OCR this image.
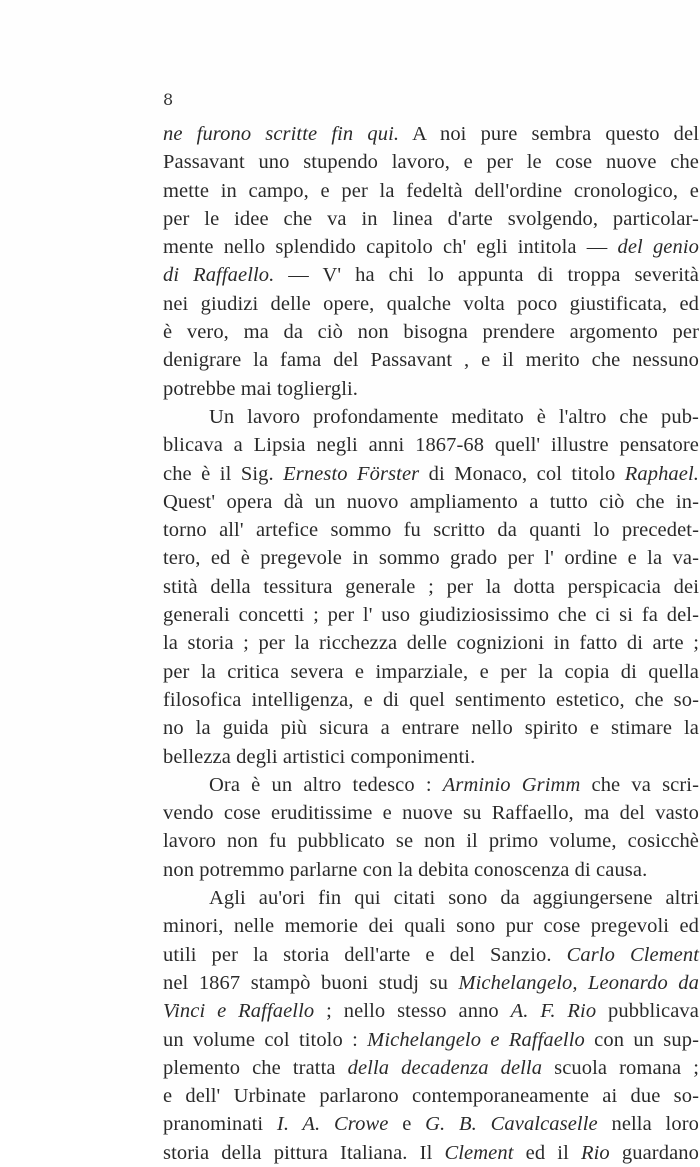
8
ne furono scritte fin qui. A noi pure sembra questo del
Passavant uno stupendo lavoro, e per le cose nuove che
mette in campo, e per la fedeltà dell'ordine cronologico, e
per le idee che va in linea d'arte svolgendo, particolar-
mente nello splendido capitolo ch' egli intitola — del genio
di Raffaello. — V' ha chi lo appunta di troppa severità
nei giudizi delle opere, qualche volta poco giustificata, ed
è vero, ma da ciò non bisogna prendere argomento per
denigrare la fama del Passavant , e il merito che nessuno
potrebbe mai togliergli.
Un lavoro profondamente meditato è l'altro che pub-
blicava a Lipsia negli anni 1867-68 quell' illustre pensatore
che è il Sig. Ernesto Förster di Monaco, col titolo Raphael.
Quest' opera dà un nuovo ampliamento a tutto ciò che in-
torno all' artefice sommo fu scritto da quanti lo precedet-
tero, ed è pregevole in sommo grado per l' ordine e la va-
stità della tessitura generale ; per la dotta perspicacia dei
generali concetti ; per l' uso giudiziosissimo che ci si fa del-
la storia ; per la ricchezza delle cognizioni in fatto di arte ;
per la critica severa e imparziale, e per la copia di quella
filosofica intelligenza, e di quel sentimento estetico, che so-
no la guida più sicura a entrare nello spirito e stimare la
bellezza degli artistici componimenti.
Ora è un altro tedesco : Arminio Grimm che va scri-
vendo cose eruditissime e nuove su Raffaello, ma del vasto
lavoro non fu pubblicato se non il primo volume, cosicchè
non potremmo parlarne con la debita conoscenza di causa.
Agli au'ori fin qui citati sono da aggiungersene altri
minori, nelle memorie dei quali sono pur cose pregevoli ed
utili per la storia dell'arte e del Sanzio. Carlo Clement
nel 1867 stampò buoni studj su Michelangelo, Leonardo da
Vinci e Raffaello ; nello stesso anno A. F. Rio pubblicava
un volume col titolo : Michelangelo e Raffaello con un sup-
plemento che tratta della decadenza della scuola romana ;
e dell' Urbinate parlarono contemporaneamente ai due so-
pranominati I. A. Crowe e G. B. Cavalcaselle nella loro
storia della pittura Italiana. Il Clement ed il Rio guardano
